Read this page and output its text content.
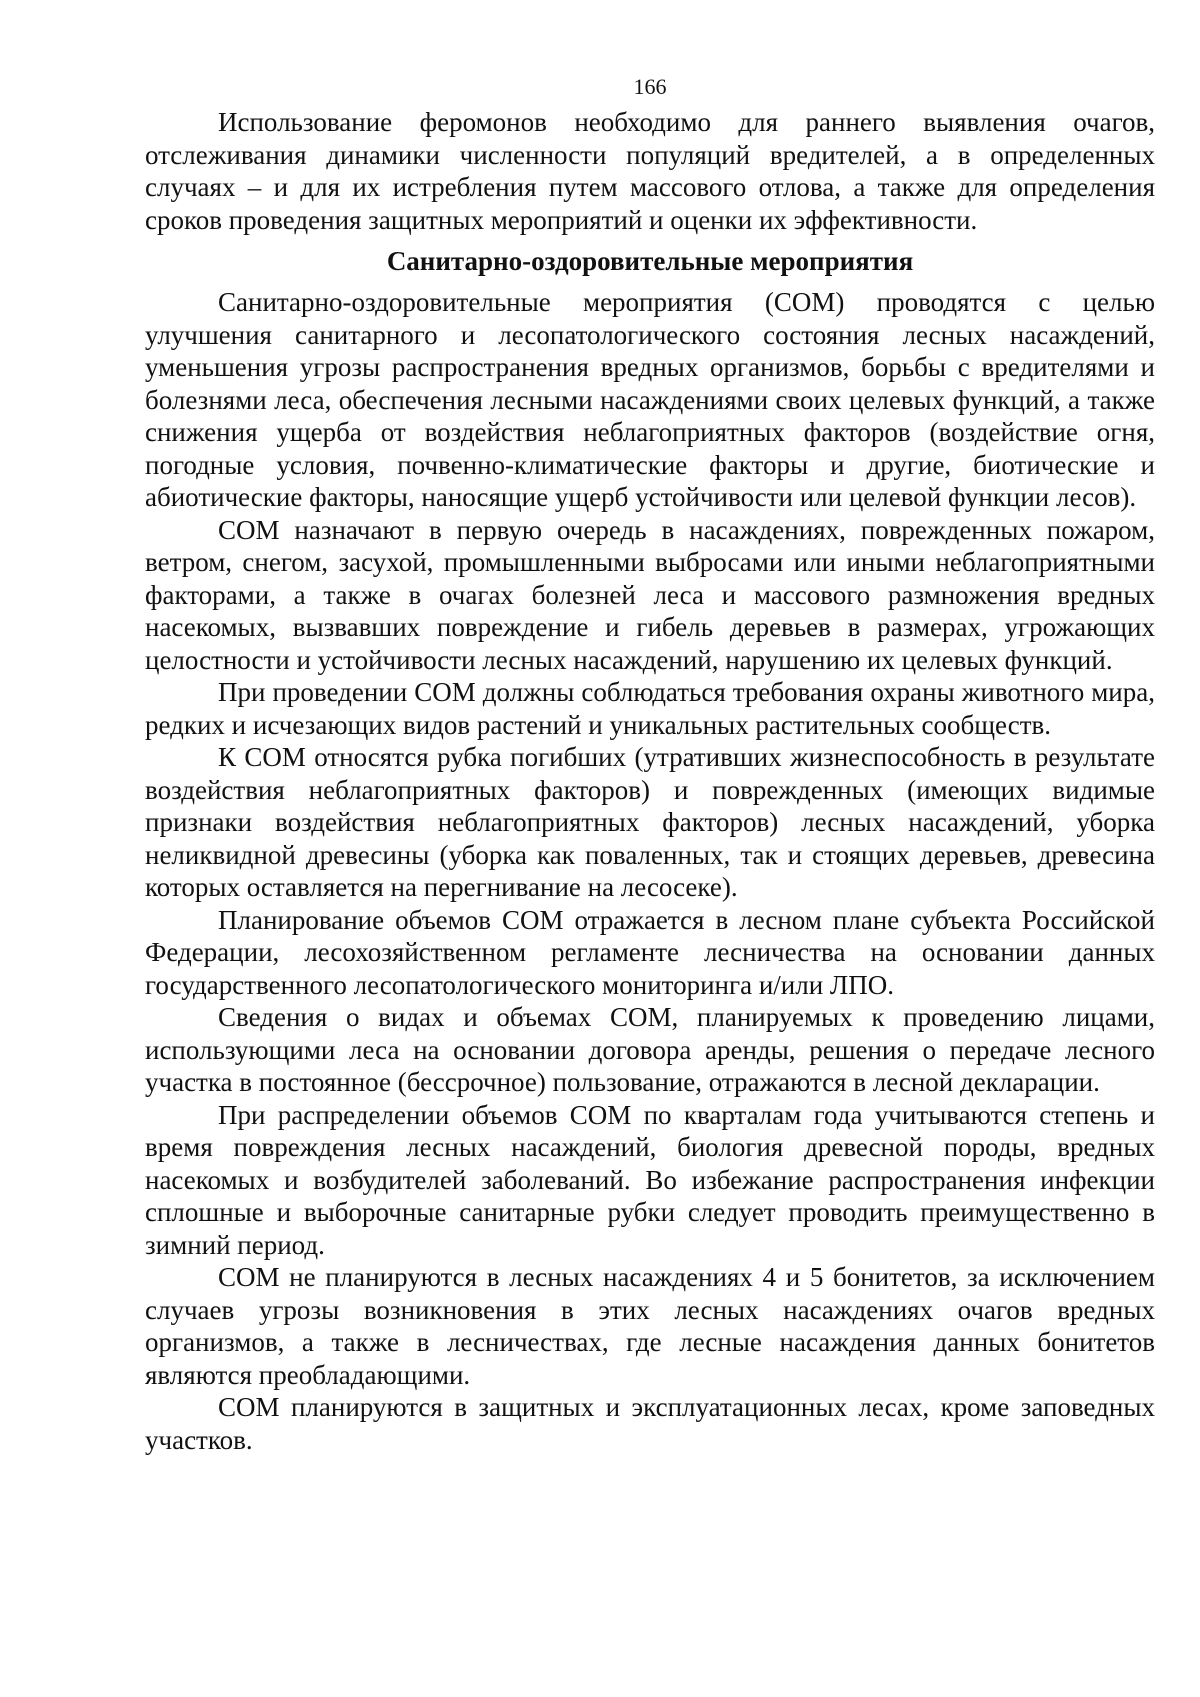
166

Использование феромонов необходимо для раннего выявления очагов, отслеживания динамики численности популяций вредителей, а в определенных случаях – и для их истребления путем массового отлова, а также для определения сроков проведения защитных мероприятий и оценки их эффективности.

Санитарно-оздоровительные мероприятия

Санитарно-оздоровительные мероприятия (СОМ) проводятся с целью улучшения санитарного и лесопатологического состояния лесных насаждений, уменьшения угрозы распространения вредных организмов, борьбы с вредителями и болезнями леса, обеспечения лесными насаждениями своих целевых функций, а также снижения ущерба от воздействия неблагоприятных факторов (воздействие огня, погодные условия, почвенно-климатические факторы и другие, биотические и абиотические факторы, наносящие ущерб устойчивости или целевой функции лесов).

СОМ назначают в первую очередь в насаждениях, поврежденных пожаром, ветром, снегом, засухой, промышленными выбросами или иными неблагоприятными факторами, а также в очагах болезней леса и массового размножения вредных насекомых, вызвавших повреждение и гибель деревьев в размерах, угрожающих целостности и устойчивости лесных насаждений, нарушению их целевых функций.

При проведении СОМ должны соблюдаться требования охраны животного мира, редких и исчезающих видов растений и уникальных растительных сообществ.

К СОМ относятся рубка погибших (утративших жизнеспособность в результате воздействия неблагоприятных факторов) и поврежденных (имеющих видимые признаки воздействия неблагоприятных факторов) лесных насаждений, уборка неликвидной древесины (уборка как поваленных, так и стоящих деревьев, древесина которых оставляется на перегнивание на лесосеке).

Планирование объемов СОМ отражается в лесном плане субъекта Российской Федерации, лесохозяйственном регламенте лесничества на основании данных государственного лесопатологического мониторинга и/или ЛПО.

Сведения о видах и объемах СОМ, планируемых к проведению лицами, использующими леса на основании договора аренды, решения о передаче лесного участка в постоянное (бессрочное) пользование, отражаются в лесной декларации.

При распределении объемов СОМ по кварталам года учитываются степень и время повреждения лесных насаждений, биология древесной породы, вредных насекомых и возбудителей заболеваний. Во избежание распространения инфекции сплошные и выборочные санитарные рубки следует проводить преимущественно в зимний период.

СОМ не планируются в лесных насаждениях 4 и 5 бонитетов, за исключением случаев угрозы возникновения в этих лесных насаждениях очагов вредных организмов, а также в лесничествах, где лесные насаждения данных бонитетов являются преобладающими.

СОМ планируются в защитных и эксплуатационных лесах, кроме заповедных участков.
